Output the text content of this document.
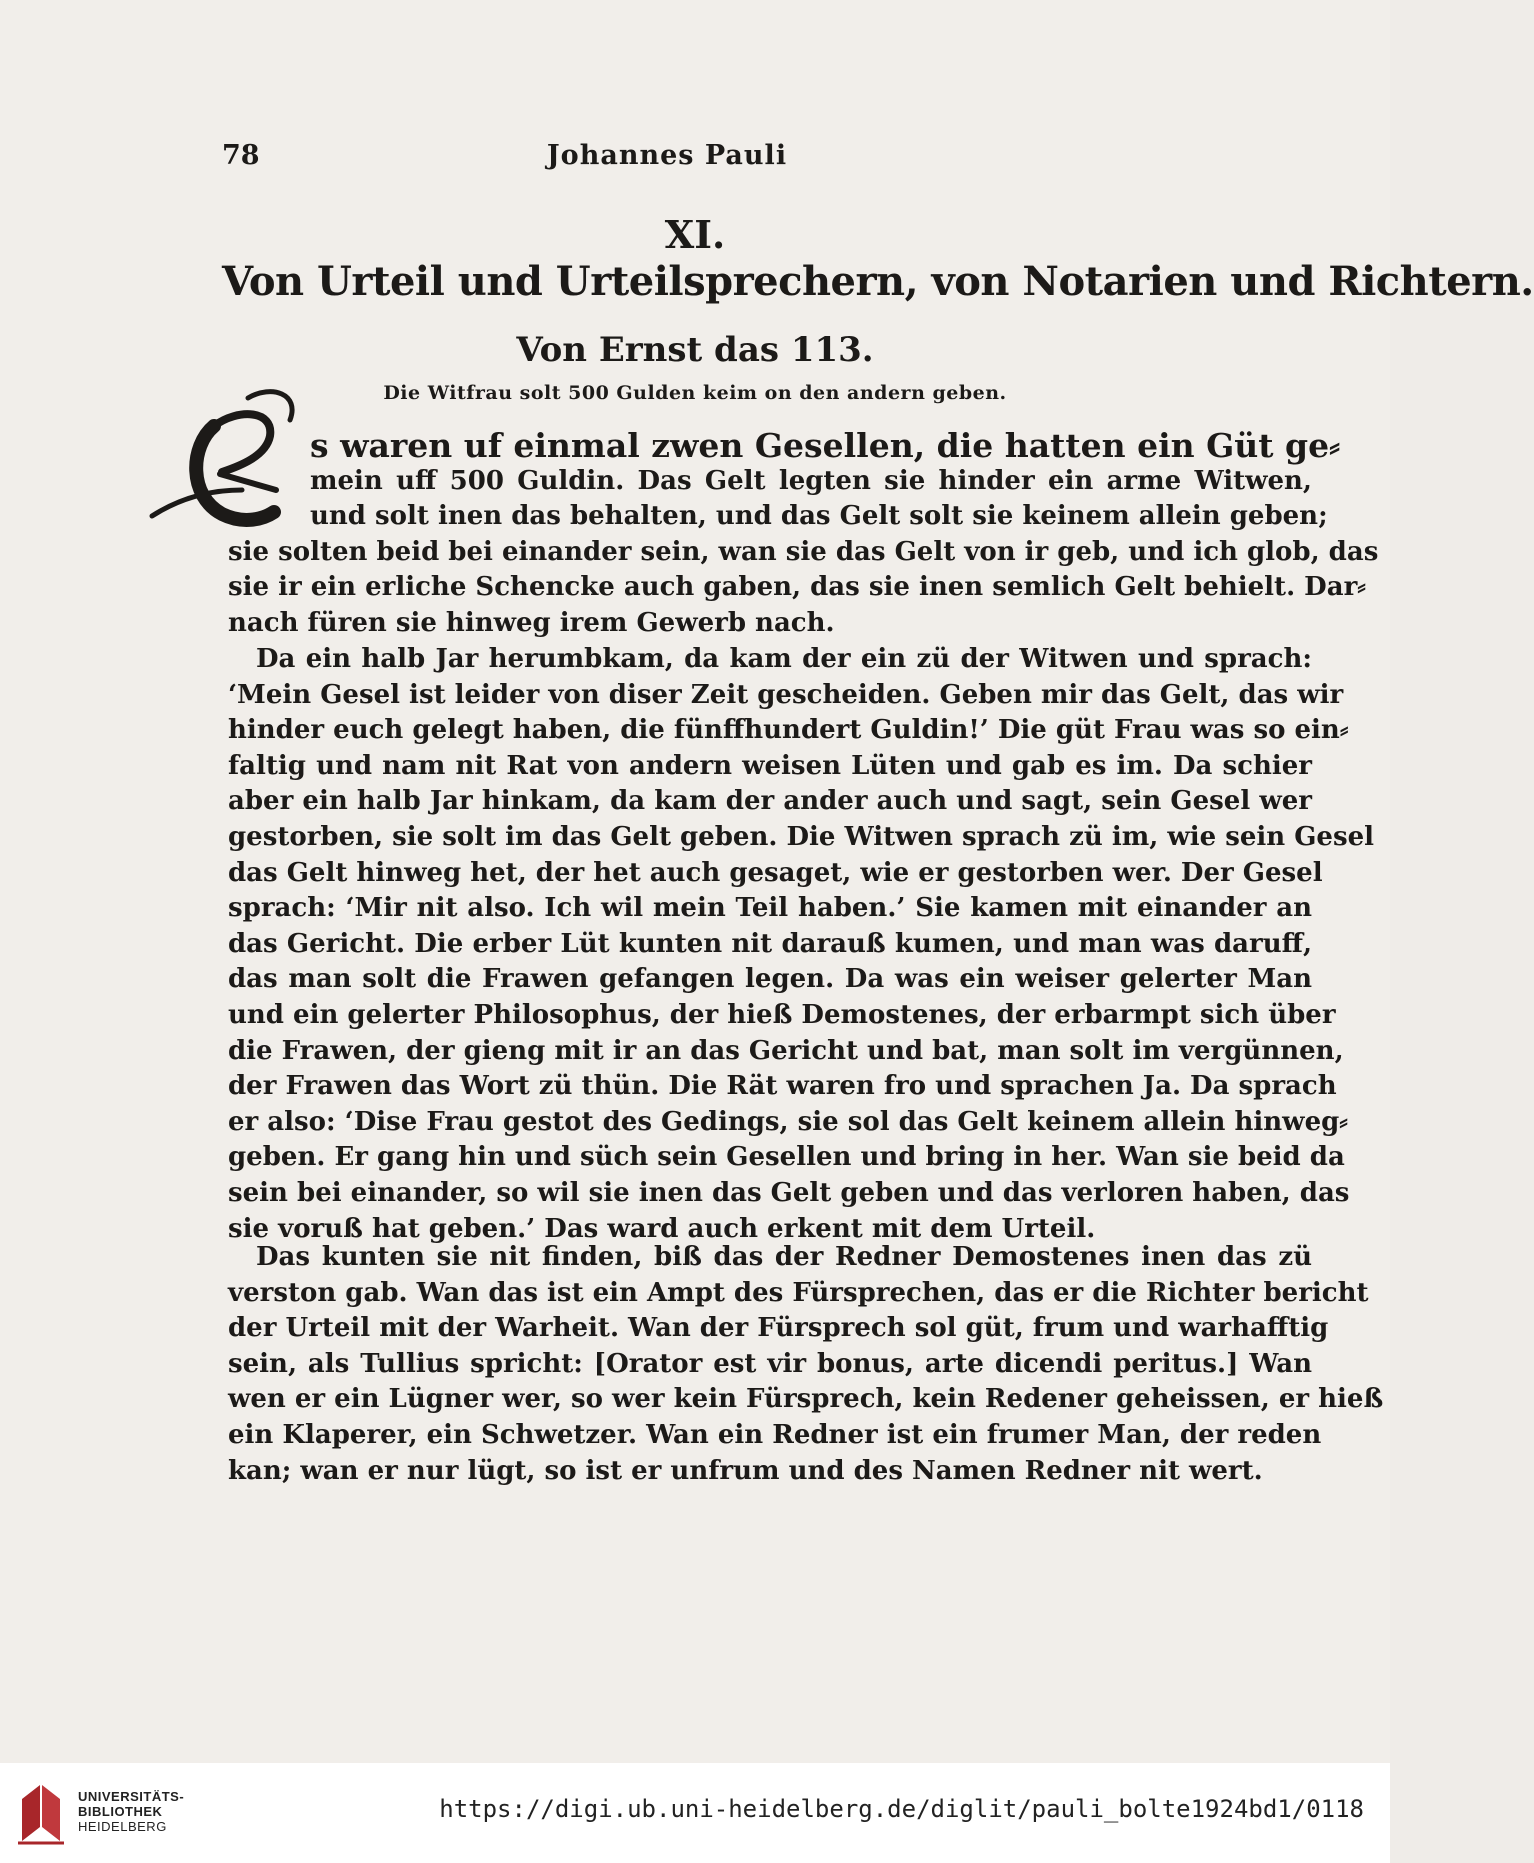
78	Johannes Pauli
XI.
Von Urteil und Urteilsprechern, von Notarien und Richtern.
Von Ernst das 113.
Die Witfrau solt 500 Gulden keim on den andern geben.
s waren uf einmal zwen Gesellen, die hatten ein Güt ge⸗
mein uff 500 Guldin. Das Gelt legten sie hinder ein arme Witwen,
und solt inen das behalten, und das Gelt solt sie keinem allein geben;
sie solten beid bei einander sein, wan sie das Gelt von ir geb, und ich glob, das
sie ir ein erliche Schencke auch gaben, das sie inen semlich Gelt behielt. Dar⸗
nach füren sie hinweg irem Gewerb nach.
Da ein halb Jar herumbkam, da kam der ein zü der Witwen und sprach:
‘Mein Gesel ist leider von diser Zeit gescheiden. Geben mir das Gelt, das wir
hinder euch gelegt haben, die fünffhundert Guldin!’ Die güt Frau was so ein⸗
faltig und nam nit Rat von andern weisen Lüten und gab es im. Da schier
aber ein halb Jar hinkam, da kam der ander auch und sagt, sein Gesel wer
gestorben, sie solt im das Gelt geben. Die Witwen sprach zü im, wie sein Gesel
das Gelt hinweg het, der het auch gesaget, wie er gestorben wer. Der Gesel
sprach: ‘Mir nit also. Ich wil mein Teil haben.’ Sie kamen mit einander an
das Gericht. Die erber Lüt kunten nit darauß kumen, und man was daruff,
das man solt die Frawen gefangen legen. Da was ein weiser gelerter Man
und ein gelerter Philosophus, der hieß Demostenes, der erbarmpt sich über
die Frawen, der gieng mit ir an das Gericht und bat, man solt im vergünnen,
der Frawen das Wort zü thün. Die Rät waren fro und sprachen Ja. Da sprach
er also: ‘Dise Frau gestot des Gedings, sie sol das Gelt keinem allein hinweg⸗
geben. Er gang hin und süch sein Gesellen und bring in her. Wan sie beid da
sein bei einander, so wil sie inen das Gelt geben und das verloren haben, das
sie voruß hat geben.’ Das ward auch erkent mit dem Urteil.
Das kunten sie nit finden, biß das der Redner Demostenes inen das zü
verston gab. Wan das ist ein Ampt des Fürsprechen, das er die Richter bericht
der Urteil mit der Warheit. Wan der Fürsprech sol güt, frum und warhafftig
sein, als Tullius spricht: [Orator est vir bonus, arte dicendi peritus.] Wan
wen er ein Lügner wer, so wer kein Fürsprech, kein Redener geheissen, er hieß
ein Klaperer, ein Schwetzer. Wan ein Redner ist ein frumer Man, der reden
kan; wan er nur lügt, so ist er unfrum und des Namen Redner nit wert.
UNIVERSITÄTS-
BIBLIOTHEK
HEIDELBERG
https://digi.ub.uni-heidelberg.de/diglit/pauli_bolte1924bd1/0118
